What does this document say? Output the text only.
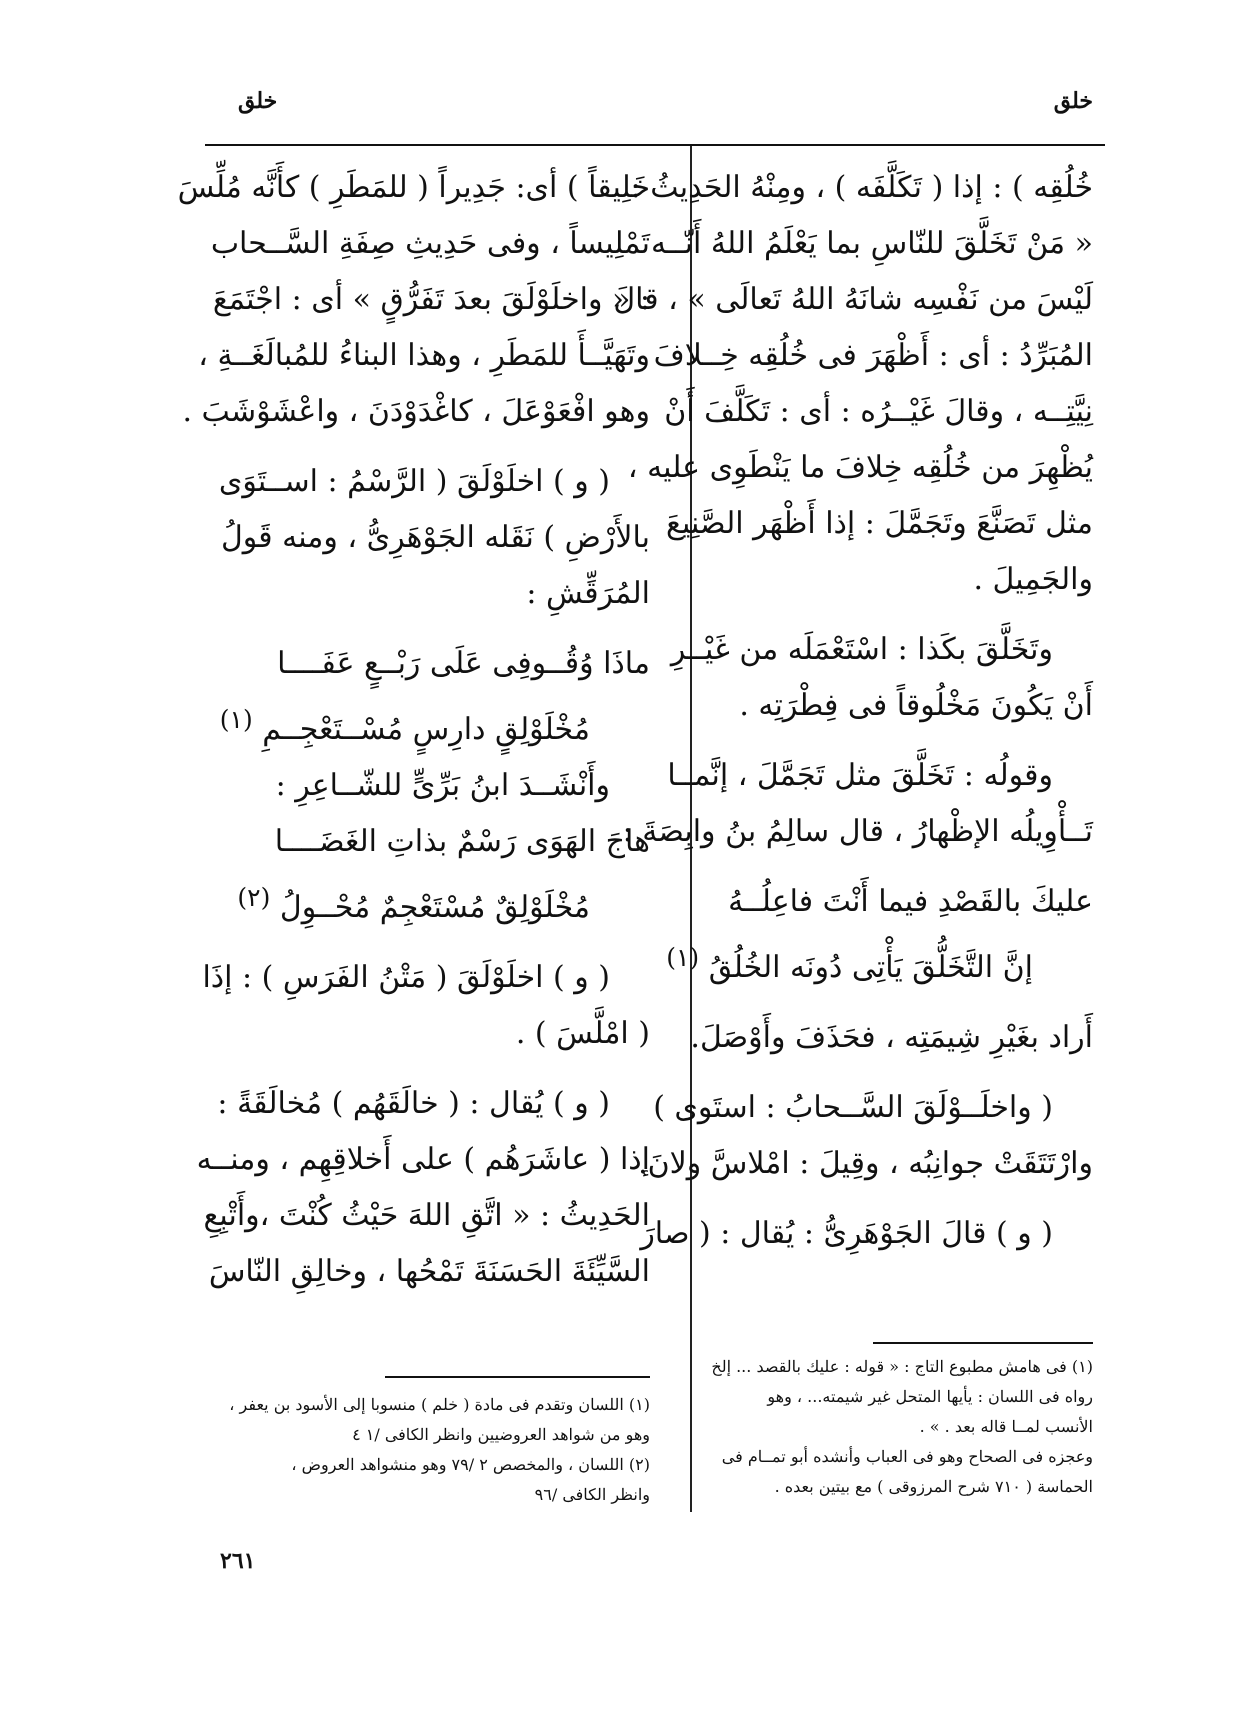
خلق
خلق

خُلُقِه ) : إذا ( تَكَلَّفَه ) ، ومِنْهُ الحَدِيثُ :
« مَنْ تَخَلَّقَ للنّاسِ بما يَعْلَمُ اللهُ أَنّــه
لَيْسَ من نَفْسِه شانَهُ اللهُ تَعالَى » ، قالَ
المُبَرِّدُ : أى : أَظْهَرَ فى خُلُقِه خِــلافَ
نِيَّتِــه ، وقالَ غَيْــرُه : أى : تَكَلَّفَ أَنْ
يُظْهِرَ من خُلُقِه خِلافَ ما يَنْطَوِى عليه ،
مثل تَصَنَّعَ وتَجَمَّلَ : إذا أَظْهَر الصَّنِيعَ
والجَمِيلَ .

وتَخَلَّقَ بكَذا : اسْتَعْمَلَه من غَيْــرِ
أَنْ يَكُونَ مَخْلُوقاً فى فِطْرَتِه .

وقولُه : تَخَلَّقَ مثل تَجَمَّلَ ، إنَّمــا
تَــأْوِيلُه الإظْهارُ ، قال سالِمُ بنُ وابِصَةَ :

عليكَ بالقَصْدِ فيما أَنْتَ فاعِلُــهُ
إنَّ التَّخَلُّقَ يَأْتِى دُونَه الخُلُقُ $^{(١)}$

أَراد بغَيْرِ شِيمَتِه ، فحَذَفَ وأَوْصَلَ.

( واخلَــوْلَقَ السَّــحابُ : استَوى )
وارْتَتَقَتْ جوانِبُه ، وقِيلَ : امْلاسَّ ولانَ.

( و ) قالَ الجَوْهَرِىُّ : يُقال : ( صارَ

خَلِيقاً ) أى: جَدِيراً ( للمَطَرِ ) كأَنَّه مُلِّسَ
تَمْلِيساً ، وفى حَدِيثِ صِفَةِ السَّــحاب
: « واخلَوْلَقَ بعدَ تَفَرُّقٍ » أى : اجْتَمَعَ
وتَهَيَّــأَ للمَطَرِ ، وهذا البناءُ للمُبالَغَــةِ ،
وهو افْعَوْعَلَ ، كاغْدَوْدَنَ ، واعْشَوْشَبَ .

( و ) اخلَوْلَقَ ( الرَّسْمُ : اســتَوَى
بالأَرْضِ ) نَقَله الجَوْهَرِىُّ ، ومنه قَولُ
المُرَقِّشِ :

ماذَا وُقُــوفِى عَلَى رَبْــعٍ عَفَــــا
مُخْلَوْلِقٍ دارِسٍ مُسْــتَعْجِــمِ $^{(١)}$
وأَنْشَــدَ ابنُ بَرِّىٍّ للشّــاعِرِ :
هاجَ الهَوَى رَسْمٌ بذاتِ الغَضَــــا
مُخْلَوْلِقٌ مُسْتَعْجِمٌ مُحْــوِلُ $^{(٢)}$

( و ) اخلَوْلَقَ ( مَتْنُ الفَرَسِ ) : إذَا
( امْلَّسَ ) .

( و ) يُقال : ( خالَقَهُم ) مُخالَقَةً :
إذا ( عاشَرَهُم ) على أَخلاقِهِم ، ومنــه
الحَدِيثُ : « اتَّقِ اللهَ حَيْثُ كُنْتَ ،وأَتْبِعِ
السَّيِّئَةَ الحَسَنَةَ تَمْحُها ، وخالِقِ النّاسَ

(١) فى هامش مطبوع التاج : « قوله : عليك بالقصد ... إلخ
رواه فى اللسان : يأيها المتحل غير شيمته... ، وهو
الأنسب لمــا قاله بعد . » .
وعجزه فى الصحاح وهو فى العباب وأنشده أبو تمــام فى
الحماسة ( ٧١٠ شرح المرزوقى ) مع بيتين بعده .
(١) اللسان وتقدم فى مادة ( خلم ) منسوبا إلى الأسود بن يعفر ،
وهو من شواهد العروضيين وانظر الكافى /١ ٤
(٢) اللسان ، والمخصص ٢ /٧٩ وهو منشواهد العروض ،
وانظر الكافى /٩٦
٢٦١
